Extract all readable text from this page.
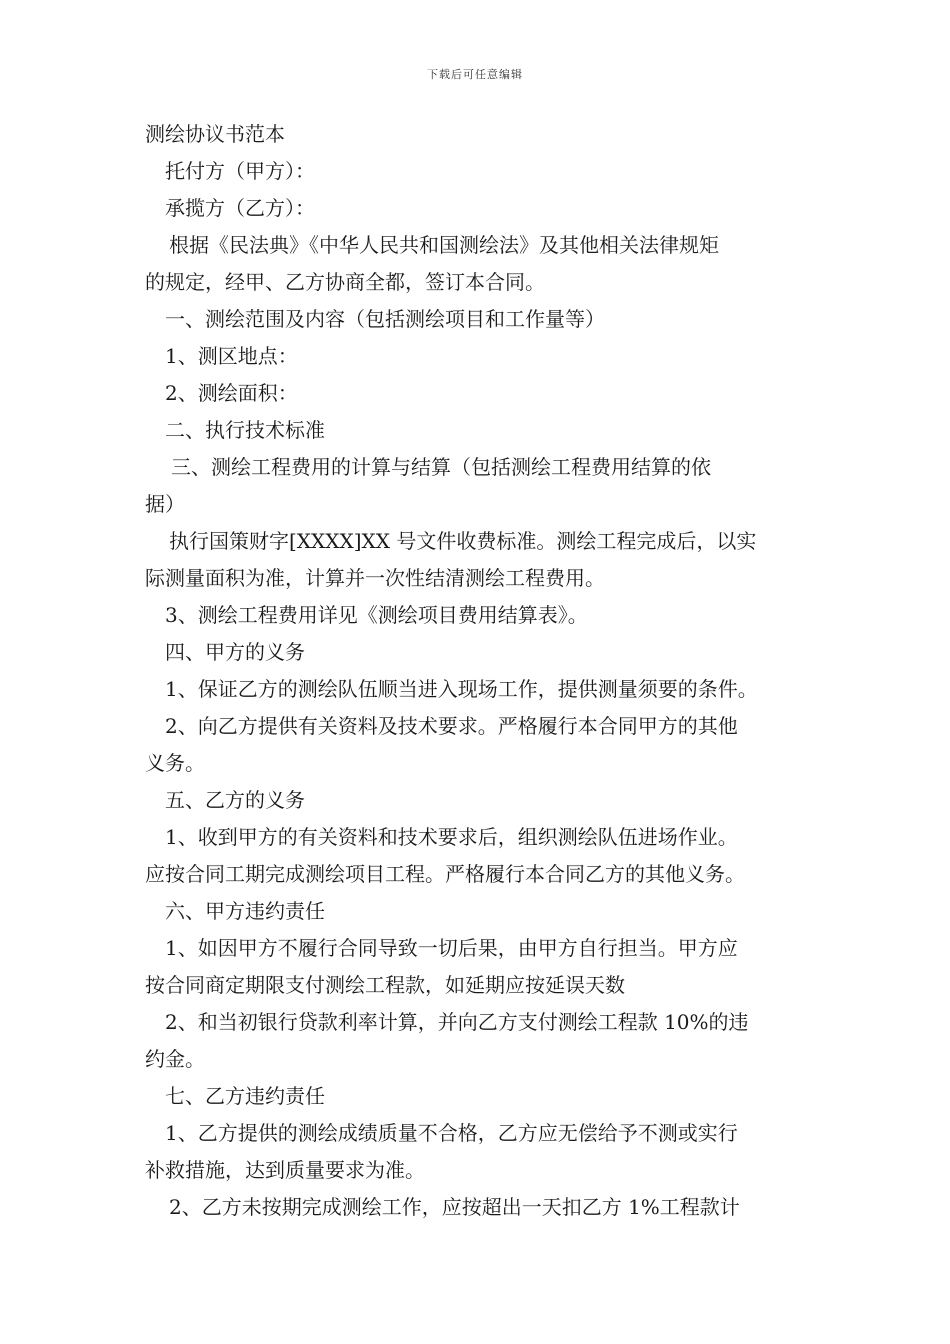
下载后可任意编辑

测绘协议书范本

托付方（甲方）：

承揽方（乙方）：

根据《民法典》《中华人民共和国测绘法》及其他相关法律规矩

的规定，经甲、乙方协商全都，签订本合同。

一、测绘范围及内容（包括测绘项目和工作量等）

1、测区地点：

2、测绘面积：

二、执行技术标准

三、测绘工程费用的计算与结算（包括测绘工程费用结算的依

据）

执行国策财字[XXXX]XX 号文件收费标准。测绘工程完成后，以实

际测量面积为准，计算并一次性结清测绘工程费用。

3、测绘工程费用详见《测绘项目费用结算表》。

四、甲方的义务

1、保证乙方的测绘队伍顺当进入现场工作，提供测量须要的条件。

2、向乙方提供有关资料及技术要求。严格履行本合同甲方的其他

义务。

五、乙方的义务

1、收到甲方的有关资料和技术要求后，组织测绘队伍进场作业。

应按合同工期完成测绘项目工程。严格履行本合同乙方的其他义务。

六、甲方违约责任

1、如因甲方不履行合同导致一切后果，由甲方自行担当。甲方应

按合同商定期限支付测绘工程款，如延期应按延误天数

2、和当初银行贷款利率计算，并向乙方支付测绘工程款 10%的违

约金。

七、乙方违约责任

1、乙方提供的测绘成绩质量不合格，乙方应无偿给予不测或实行

补救措施，达到质量要求为准。

2、乙方未按期完成测绘工作，应按超出一天扣乙方 1%工程款计
